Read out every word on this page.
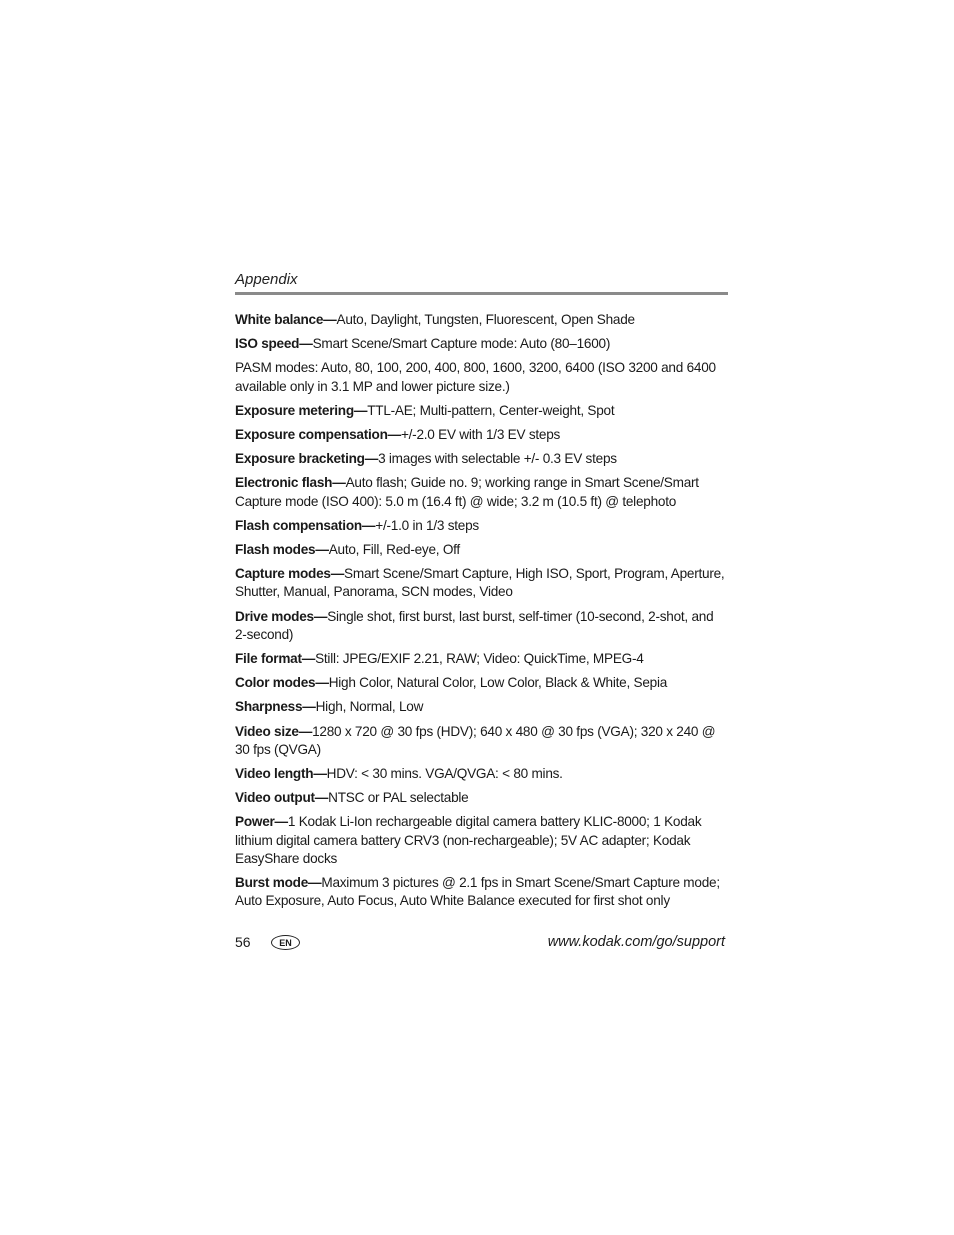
Appendix

White balance—Auto, Daylight, Tungsten, Fluorescent, Open Shade

ISO speed—Smart Scene/Smart Capture mode: Auto (80–1600)

PASM modes: Auto, 80, 100, 200, 400, 800, 1600, 3200, 6400 (ISO 3200 and 6400 available only in 3.1 MP and lower picture size.)

Exposure metering—TTL-AE; Multi-pattern, Center-weight, Spot

Exposure compensation—+/-2.0 EV with 1/3 EV steps

Exposure bracketing—3 images with selectable +/- 0.3 EV steps

Electronic flash—Auto flash; Guide no. 9; working range in Smart Scene/Smart Capture mode (ISO 400): 5.0 m (16.4 ft) @ wide; 3.2 m (10.5 ft) @ telephoto

Flash compensation—+/-1.0 in 1/3 steps

Flash modes—Auto, Fill, Red-eye, Off

Capture modes—Smart Scene/Smart Capture, High ISO, Sport, Program, Aperture, Shutter, Manual, Panorama, SCN modes, Video

Drive modes—Single shot, first burst, last burst, self-timer (10-second, 2-shot, and 2-second)

File format—Still: JPEG/EXIF 2.21, RAW; Video: QuickTime, MPEG-4

Color modes—High Color, Natural Color, Low Color, Black & White, Sepia

Sharpness—High, Normal, Low

Video size—1280 x 720 @ 30 fps (HDV); 640 x 480 @ 30 fps (VGA); 320 x 240 @ 30 fps (QVGA)

Video length—HDV: < 30 mins. VGA/QVGA: < 80 mins.

Video output—NTSC or PAL selectable

Power—1 Kodak Li-Ion rechargeable digital camera battery KLIC-8000; 1 Kodak lithium digital camera battery CRV3 (non-rechargeable); 5V AC adapter; Kodak EasyShare docks

Burst mode—Maximum 3 pictures @ 2.1 fps in Smart Scene/Smart Capture mode; Auto Exposure, Auto Focus, Auto White Balance executed for first shot only

56	EN	www.kodak.com/go/support
